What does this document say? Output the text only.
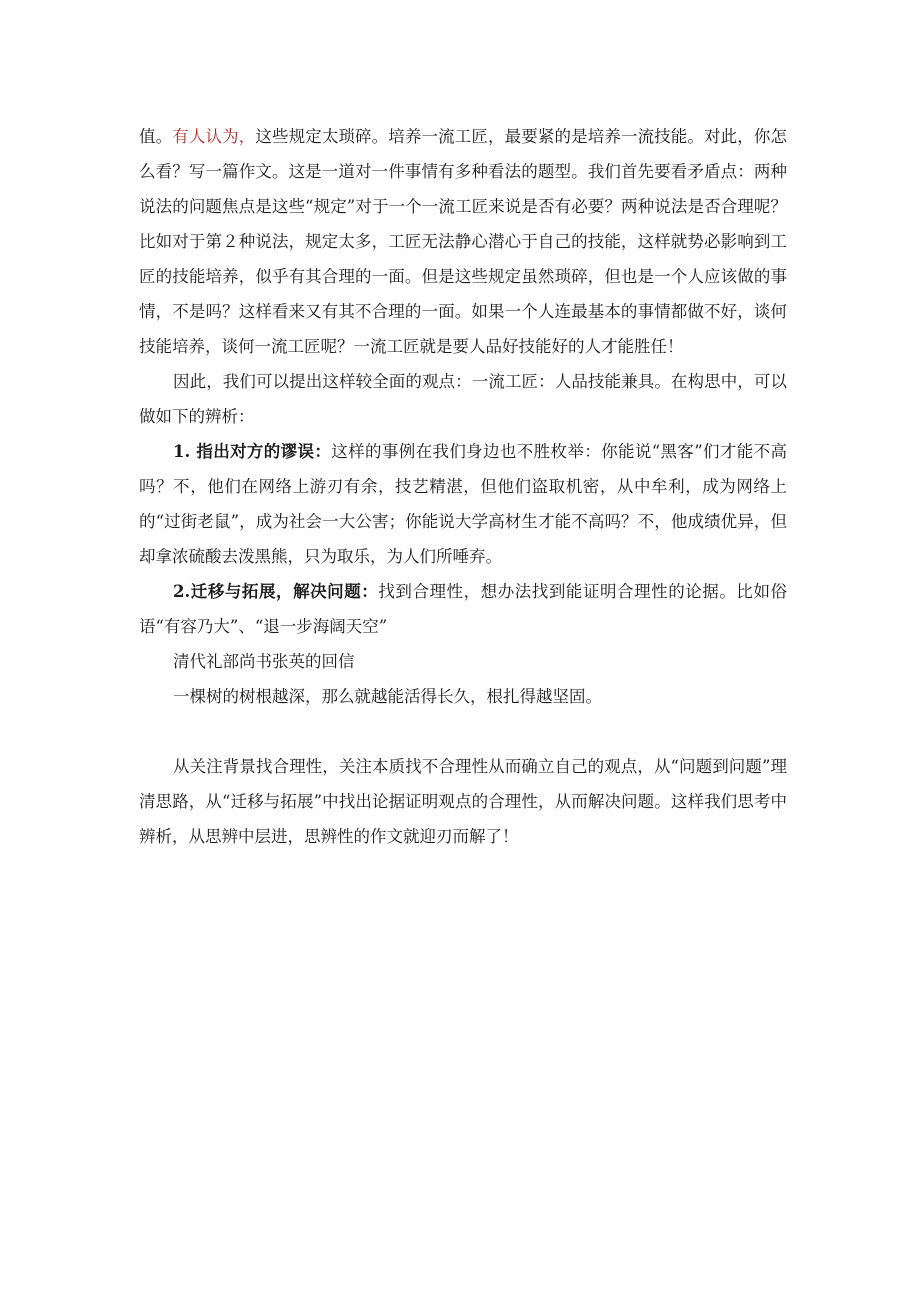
值。有人认为，这些规定太琐碎。培养一流工匠，最要紧的是培养一流技能。对此，你怎么看？写一篇作文。这是一道对一件事情有多种看法的题型。我们首先要看矛盾点：两种说法的问题焦点是这些“规定”对于一个一流工匠来说是否有必要？两种说法是否合理呢？比如对于第２种说法，规定太多，工匠无法静心潜心于自己的技能，这样就势必影响到工匠的技能培养，似乎有其合理的一面。但是这些规定虽然琐碎，但也是一个人应该做的事情，不是吗？这样看来又有其不合理的一面。如果一个人连最基本的事情都做不好，谈何技能培养，谈何一流工匠呢？一流工匠就是要人品好技能好的人才能胜任！

因此，我们可以提出这样较全面的观点：一流工匠：人品技能兼具。在构思中，可以做如下的辨析：

1. 指出对方的谬误：这样的事例在我们身边也不胜枚举：你能说“黑客”们才能不高吗？不，他们在网络上游刃有余，技艺精湛，但他们盗取机密，从中牟利，成为网络上的“过街老鼠”，成为社会一大公害；你能说大学高材生才能不高吗？不，他成绩优异，但却拿浓硫酸去泼黑熊，只为取乐，为人们所唾弃。

2.迁移与拓展，解决问题：找到合理性，想办法找到能证明合理性的论据。比如俗语“有容乃大”、“退一步海阔天空”

清代礼部尚书张英的回信

一棵树的树根越深，那么就越能活得长久，根扎得越坚固。

从关注背景找合理性，关注本质找不合理性从而确立自己的观点，从“问题到问题”理清思路，从“迁移与拓展”中找出论据证明观点的合理性，从而解决问题。这样我们思考中辨析，从思辨中层进，思辨性的作文就迎刃而解了！
